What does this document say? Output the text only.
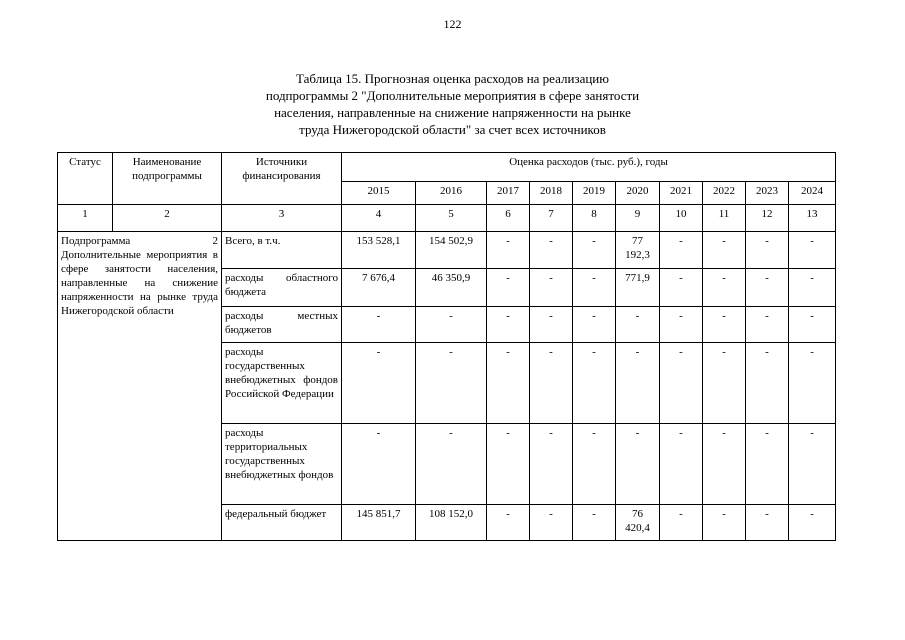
122
Таблица 15. Прогнозная оценка расходов на реализацию
подпрограммы 2 "Дополнительные мероприятия в сфере занятости
населения, направленные на снижение напряженности на рынке
труда Нижегородской области" за счет всех источников
Статус	Наименование подпрограммы	Источники финансирования	Оценка расходов (тыс. руб.), годы									
			2015	2016	2017	2018	2019	2020	2021	2022	2023	2024
1	2	3	4	5	6	7	8	9	10	11	12	13
Подпрограмма 2 Дополнительные мероприятия в сфере занятости населения, направленные на снижение напряженности на рынке труда Нижегородской области		Всего, в т.ч.	153 528,1	154 502,9	-	-	-	77 192,3	-	-	-	-
		расходы областного бюджета	7 676,4	46 350,9	-	-	-	771,9	-	-	-	-
		расходы местных бюджетов	-	-	-	-	-	-	-	-	-	-
		расходы государственных внебюджетных фондов Российской Федерации	-	-	-	-	-	-	-	-	-	-
		расходы территориальных государственных внебюджетных фондов	-	-	-	-	-	-	-	-	-	-
		федеральный бюджет	145 851,7	108 152,0	-	-	-	76 420,4	-	-	-	-
